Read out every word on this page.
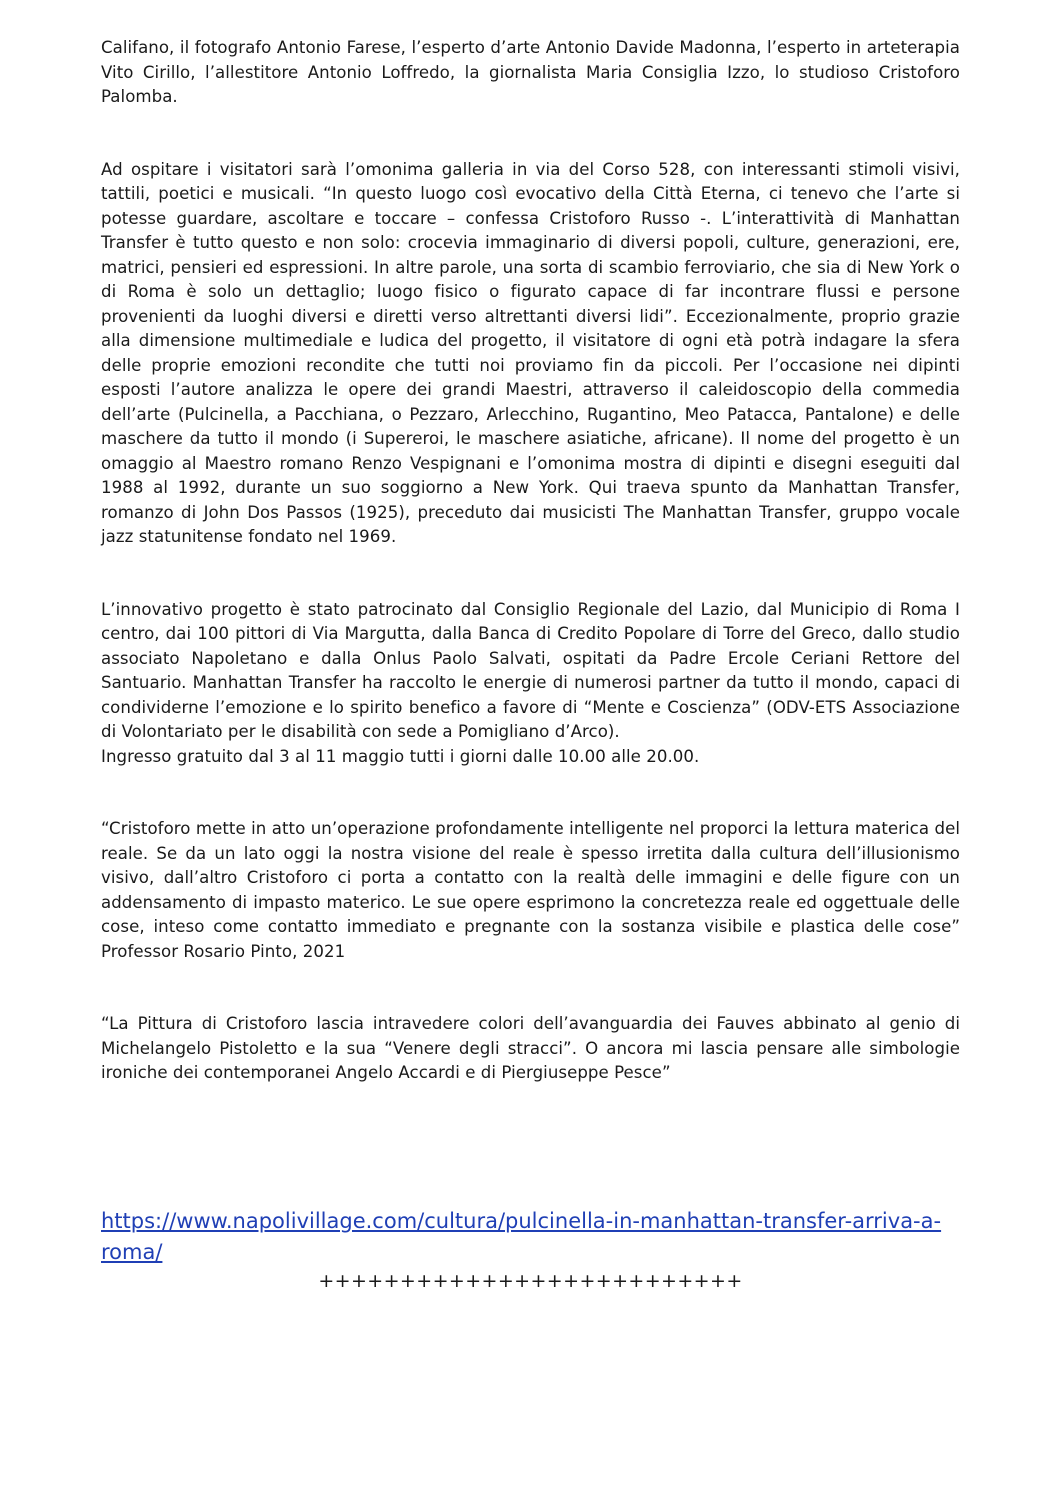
Califano, il fotografo Antonio Farese, l’esperto d’arte Antonio Davide Madonna, l’esperto in arteterapia Vito Cirillo, l’allestitore Antonio Loffredo, la giornalista Maria Consiglia Izzo, lo studioso Cristoforo Palomba.

Ad ospitare i visitatori sarà l’omonima galleria in via del Corso 528, con interessanti stimoli visivi, tattili, poetici e musicali. “In questo luogo così evocativo della Città Eterna, ci tenevo che l’arte si potesse guardare, ascoltare e toccare – confessa Cristoforo Russo -. L’interattività di Manhattan Transfer è tutto questo e non solo: crocevia immaginario di diversi popoli, culture, generazioni, ere, matrici, pensieri ed espressioni. In altre parole, una sorta di scambio ferroviario, che sia di New York o di Roma è solo un dettaglio; luogo fisico o figurato capace di far incontrare flussi e persone provenienti da luoghi diversi e diretti verso altrettanti diversi lidi”. Eccezionalmente, proprio grazie alla dimensione multimediale e ludica del progetto, il visitatore di ogni età potrà indagare la sfera delle proprie emozioni recondite che tutti noi proviamo fin da piccoli. Per l’occasione nei dipinti esposti l’autore analizza le opere dei grandi Maestri, attraverso il caleidoscopio della commedia dell’arte (Pulcinella, a Pacchiana, o Pezzaro, Arlecchino, Rugantino, Meo Patacca, Pantalone) e delle maschere da tutto il mondo (i Supereroi, le maschere asiatiche, africane). Il nome del progetto è un omaggio al Maestro romano Renzo Vespignani e l’omonima mostra di dipinti e disegni eseguiti dal 1988 al 1992, durante un suo soggiorno a New York. Qui traeva spunto da Manhattan Transfer, romanzo di John Dos Passos (1925), preceduto dai musicisti The Manhattan Transfer, gruppo vocale jazz statunitense fondato nel 1969.

L’innovativo progetto è stato patrocinato dal Consiglio Regionale del Lazio, dal Municipio di Roma I centro, dai 100 pittori di Via Margutta, dalla Banca di Credito Popolare di Torre del Greco, dallo studio associato Napoletano e dalla Onlus Paolo Salvati, ospitati da Padre Ercole Ceriani Rettore del Santuario. Manhattan Transfer ha raccolto le energie di numerosi partner da tutto il mondo, capaci di condividerne l’emozione e lo spirito benefico a favore di “Mente e Coscienza” (ODV-ETS Associazione di Volontariato per le disabilità con sede a Pomigliano d’Arco).

Ingresso gratuito dal 3 al 11 maggio tutti i giorni dalle 10.00 alle 20.00.

“Cristoforo mette in atto un’operazione profondamente intelligente nel proporci la lettura materica del reale. Se da un lato oggi la nostra visione del reale è spesso irretita dalla cultura dell’illusionismo visivo, dall’altro Cristoforo ci porta a contatto con la realtà delle immagini e delle figure con un addensamento di impasto materico. Le sue opere esprimono la concretezza reale ed oggettuale delle cose, inteso come contatto immediato e pregnante con la sostanza visibile e plastica delle cose”

Professor Rosario Pinto, 2021

“La Pittura di Cristoforo lascia intravedere colori dell’avanguardia dei Fauves abbinato al genio di Michelangelo Pistoletto e la sua “Venere degli stracci”. O ancora mi lascia pensare alle simbologie ironiche dei contemporanei Angelo Accardi e di Piergiuseppe Pesce”

https://www.napolivillage.com/cultura/pulcinella-in-manhattan-transfer-arriva-a-roma/
++++++++++++++++++++++++++
